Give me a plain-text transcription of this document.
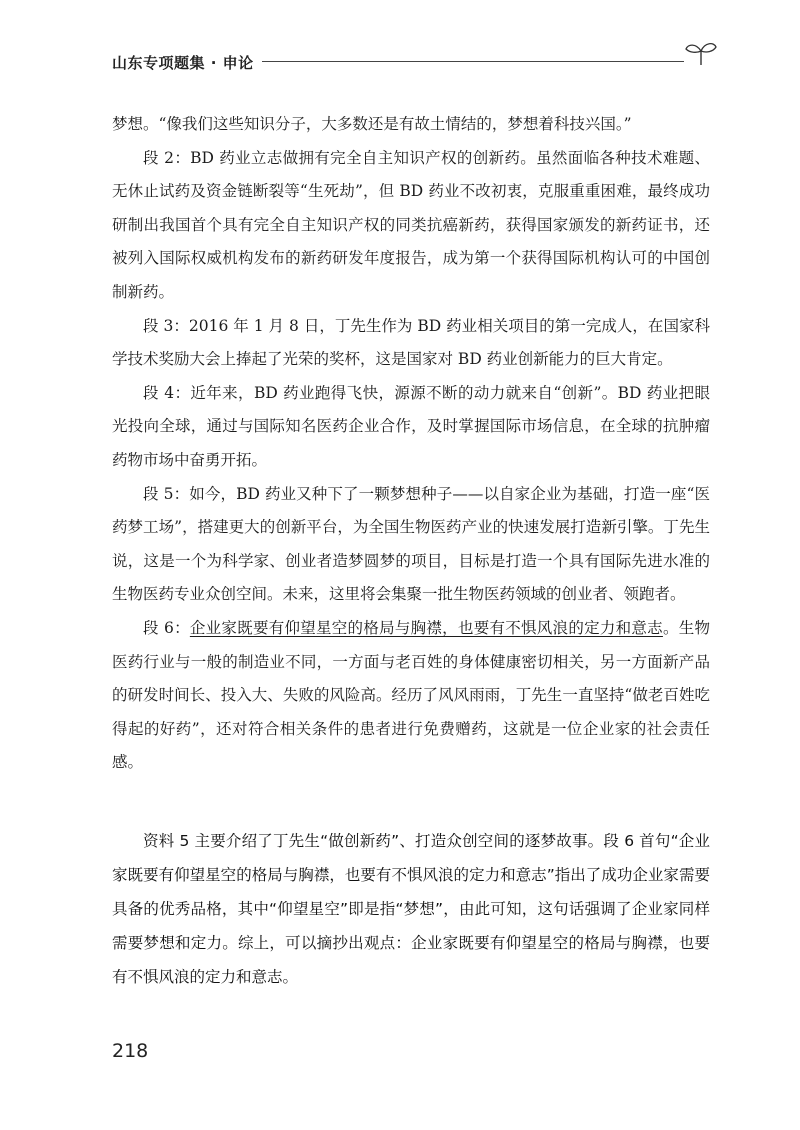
山东专项题集 · 申论

梦想。“像我们这些知识分子，大多数还是有故土情结的，梦想着科技兴国。”

段 2：BD 药业立志做拥有完全自主知识产权的创新药。虽然面临各种技术难题、无休止试药及资金链断裂等“生死劫”，但 BD 药业不改初衷，克服重重困难，最终成功研制出我国首个具有完全自主知识产权的同类抗癌新药，获得国家颁发的新药证书，还被列入国际权威机构发布的新药研发年度报告，成为第一个获得国际机构认可的中国创制新药。

段 3：2016 年 1 月 8 日，丁先生作为 BD 药业相关项目的第一完成人，在国家科学技术奖励大会上捧起了光荣的奖杯，这是国家对 BD 药业创新能力的巨大肯定。

段 4：近年来，BD 药业跑得飞快，源源不断的动力就来自“创新”。BD 药业把眼光投向全球，通过与国际知名医药企业合作，及时掌握国际市场信息，在全球的抗肿瘤药物市场中奋勇开拓。

段 5：如今，BD 药业又种下了一颗梦想种子——以自家企业为基础，打造一座“医药梦工场”，搭建更大的创新平台，为全国生物医药产业的快速发展打造新引擎。丁先生说，这是一个为科学家、创业者造梦圆梦的项目，目标是打造一个具有国际先进水准的生物医药专业众创空间。未来，这里将会集聚一批生物医药领域的创业者、领跑者。

段 6：企业家既要有仰望星空的格局与胸襟，也要有不惧风浪的定力和意志。生物医药行业与一般的制造业不同，一方面与老百姓的身体健康密切相关，另一方面新产品的研发时间长、投入大、失败的风险高。经历了风风雨雨，丁先生一直坚持“做老百姓吃得起的好药”，还对符合相关条件的患者进行免费赠药，这就是一位企业家的社会责任感。

资料 5 主要介绍了丁先生“做创新药”、打造众创空间的逐梦故事。段 6 首句“企业家既要有仰望星空的格局与胸襟，也要有不惧风浪的定力和意志”指出了成功企业家需要具备的优秀品格，其中“仰望星空”即是指“梦想”，由此可知，这句话强调了企业家同样需要梦想和定力。综上，可以摘抄出观点：企业家既要有仰望星空的格局与胸襟，也要有不惧风浪的定力和意志。

218
